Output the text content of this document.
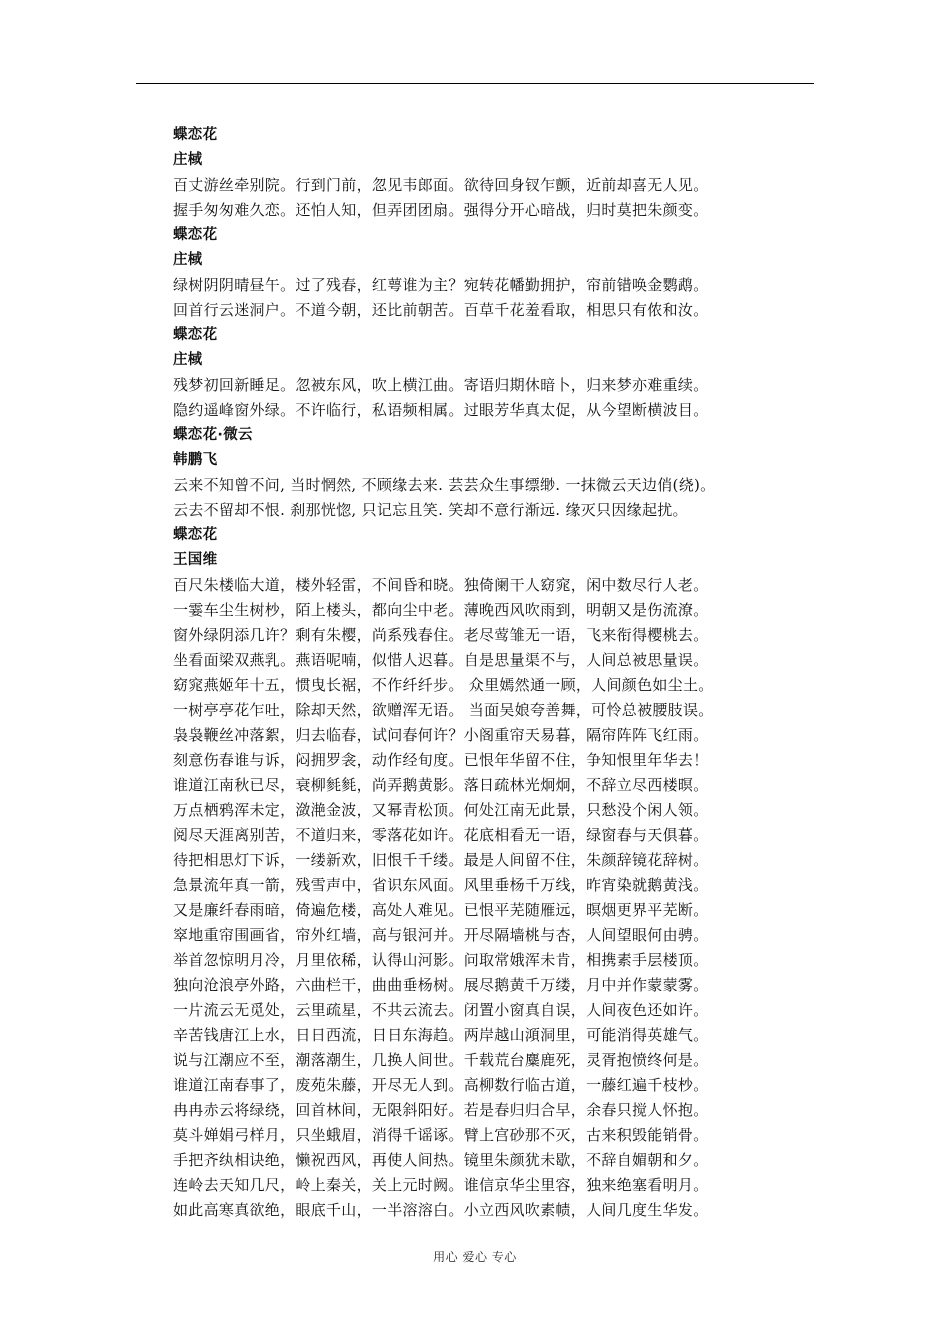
蝶恋花
庄棫
百丈游丝牵别院。行到门前，忽见韦郎面。欲待回身钗乍颤，近前却喜无人见。
握手匆匆难久恋。还怕人知，但弄团团扇。强得分开心暗战，归时莫把朱颜变。
蝶恋花
庄棫
绿树阴阴晴昼午。过了残春，红萼谁为主？宛转花幡勤拥护，帘前错唤金鹦鹉。
回首行云迷洞户。不道今朝，还比前朝苦。百草千花羞看取，相思只有侬和汝。
蝶恋花
庄棫
残梦初回新睡足。忽被东风，吹上横江曲。寄语归期休暗卜，归来梦亦难重续。
隐约遥峰窗外绿。不许临行，私语频相属。过眼芳华真太促，从今望断横波目。
蝶恋花·微云
韩鹏飞
云来不知曾不问, 当时惘然, 不顾缘去来. 芸芸众生事缥缈. 一抹微云天边俏(绕)。
云去不留却不恨. 刹那恍惚, 只记忘且笑. 笑却不意行渐远. 缘灭只因缘起扰。
蝶恋花
王国维
百尺朱楼临大道，楼外轻雷，不间昏和晓。独倚阑干人窈窕，闲中数尽行人老。
一霎车尘生树杪，陌上楼头，都向尘中老。薄晚西风吹雨到，明朝又是伤流潦。
窗外绿阴添几许？剩有朱樱，尚系残春住。老尽莺雏无一语，飞来衔得樱桃去。
坐看面梁双燕乳。燕语呢喃，似惜人迟暮。自是思量渠不与，人间总被思量误。
窈窕燕姬年十五，惯曳长裾，不作纤纤步。 众里嫣然通一顾，人间颜色如尘土。
一树亭亭花乍吐，除却天然，欲赠浑无语。 当面吴娘夸善舞，可怜总被腰肢误。
袅袅鞭丝冲落絮，归去临春，试问春何许？小阁重帘天易暮，隔帘阵阵飞红雨。
刻意伤春谁与诉，闷拥罗衾，动作经旬度。已恨年华留不住，争知恨里年华去！
谁道江南秋已尽，衰柳毵毵，尚弄鹅黄影。落日疏林光炯炯，不辞立尽西楼暝。
万点栖鸦浑未定，潋滟金波，又幂青松顶。何处江南无此景，只愁没个闲人领。
阅尽天涯离别苦，不道归来，零落花如许。花底相看无一语，绿窗春与天俱暮。
待把相思灯下诉，一缕新欢，旧恨千千缕。最是人间留不住，朱颜辞镜花辞树。
急景流年真一箭，残雪声中，省识东风面。风里垂杨千万线，昨宵染就鹅黄浅。
又是廉纤春雨暗，倚遍危楼，高处人难见。已恨平芜随雁远，暝烟更界平芜断。
窣地重帘围画省，帘外红墙，高与银河并。开尽隔墙桃与杏，人间望眼何由骋。
举首忽惊明月冷，月里依稀，认得山河影。问取常娥浑未肯，相携素手层楼顶。
独向沧浪亭外路，六曲栏干，曲曲垂杨树。展尽鹅黄千万缕，月中并作蒙蒙雾。
一片流云无觅处，云里疏星，不共云流去。闭置小窗真自误，人间夜色还如许。
辛苦钱唐江上水，日日西流，日日东海趋。两岸越山澒洞里，可能消得英雄气。
说与江潮应不至，潮落潮生，几换人间世。千载荒台麋鹿死，灵胥抱愤终何是。
谁道江南春事了，废苑朱藤，开尽无人到。高柳数行临古道，一藤红遍千枝杪。
冉冉赤云将绿绕，回首林间，无限斜阳好。若是春归归合早，余春只搅人怀抱。
莫斗婵娟弓样月，只坐蛾眉，消得千谣诼。臂上宫砂那不灭，古来积毁能销骨。
手把齐纨相诀绝，懒祝西风，再使人间热。镜里朱颜犹未歇，不辞自媚朝和夕。
连岭去天知几尺，岭上秦关，关上元时阙。谁信京华尘里容，独来绝塞看明月。
如此高寒真欲绝，眼底千山，一半溶溶白。小立西风吹素帻，人间几度生华发。
用心 爱心 专心
